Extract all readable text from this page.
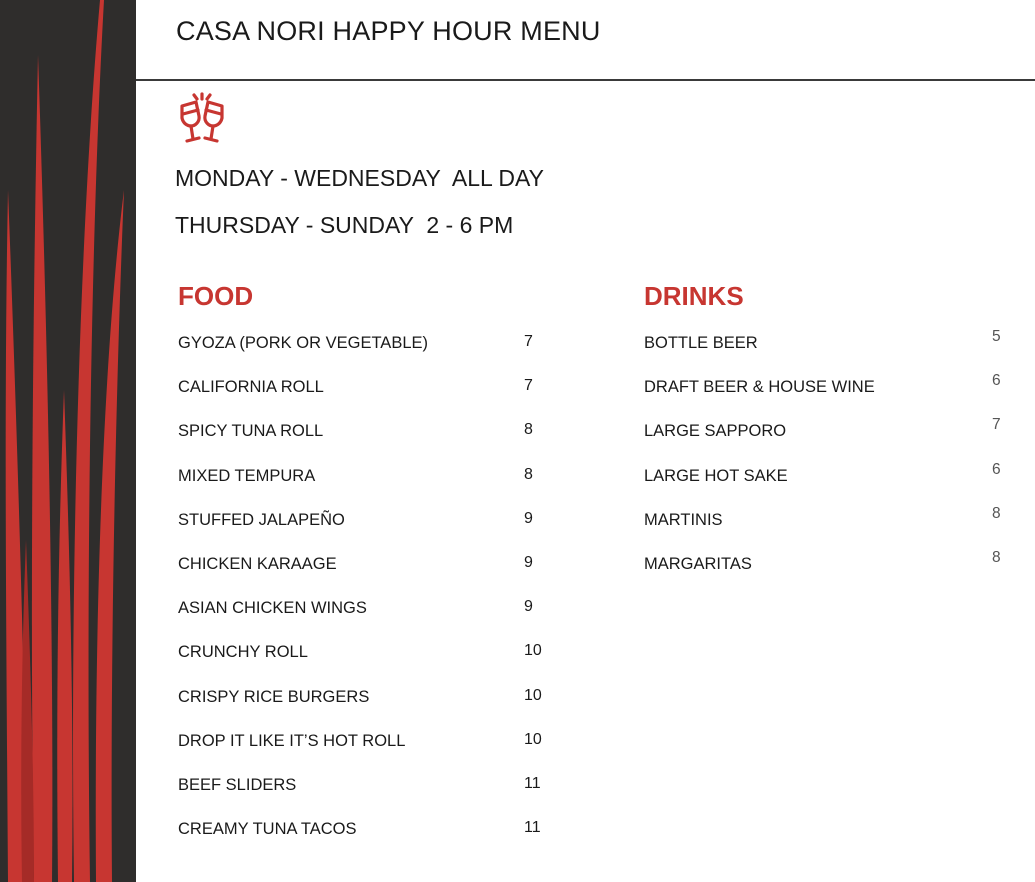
CASA NORI HAPPY HOUR MENU
MONDAY - WEDNESDAY  ALL DAY
THURSDAY - SUNDAY  2 - 6 PM
FOOD	DRINKS
GYOZA (PORK OR VEGETABLE)	7
CALIFORNIA ROLL	7
SPICY TUNA ROLL	8
MIXED TEMPURA	8
STUFFED JALAPEÑO	9
CHICKEN KARAAGE	9
ASIAN CHICKEN WINGS	9
CRUNCHY ROLL	10
CRISPY RICE BURGERS	10
DROP IT LIKE IT’S HOT ROLL	10
BEEF SLIDERS	11
CREAMY TUNA TACOS	11
BOTTLE BEER	5
DRAFT BEER & HOUSE WINE	6
LARGE SAPPORO	7
LARGE HOT SAKE	6
MARTINIS	8
MARGARITAS	8
